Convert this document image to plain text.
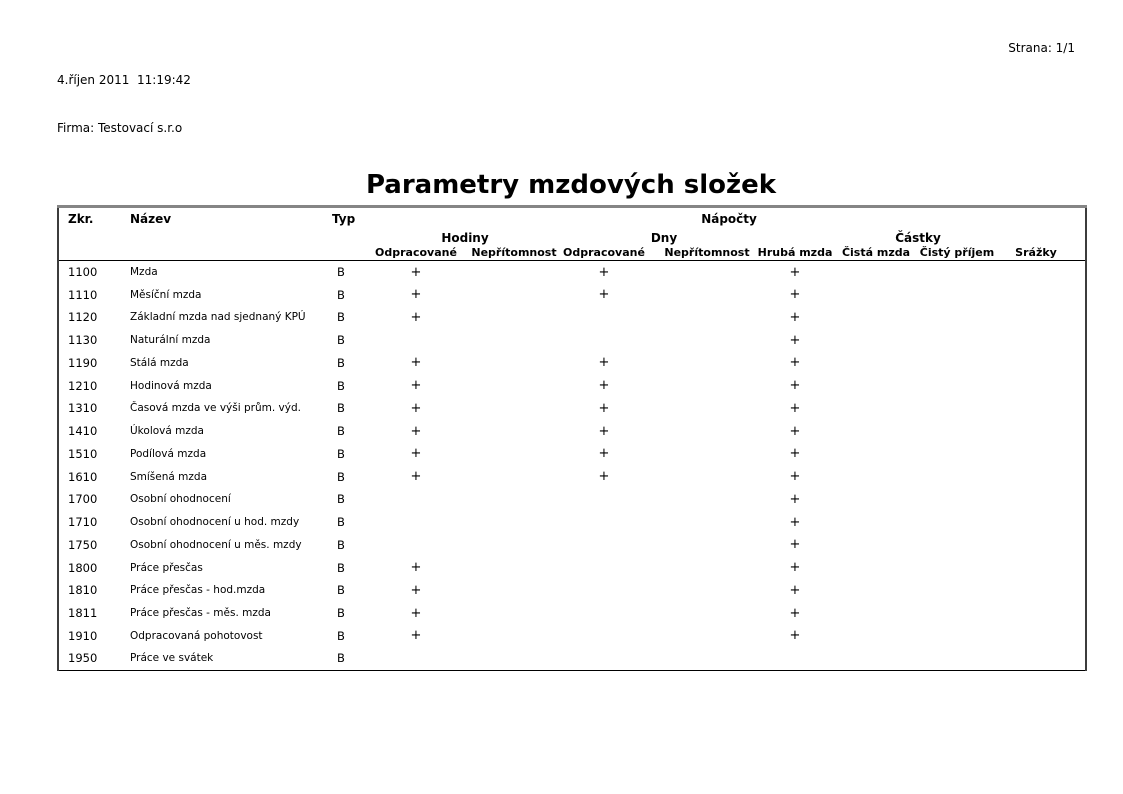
4.říjen 2011  11:19:42

Firma: Testovací s.r.o

Strana: 1/1
Parametry mzdových složek
Zkr.	Název	Typ	Nápočty							
			Hodiny		Dny		Částky			
			Odpracované	Nepřítomnost	Odpracované	Nepřítomnost	Hrubá mzda	Čistá mzda	Čistý příjem	Srážky
1100	Mzda	B	+		+		+			
1110	Měsíční mzda	B	+		+		+			
1120	Základní mzda nad sjednaný KPÚ	B	+				+			
1130	Naturální mzda	B					+			
1190	Stálá mzda	B	+		+		+			
1210	Hodinová mzda	B	+		+		+			
1310	Časová mzda ve výši prům. výd.	B	+		+		+			
1410	Úkolová mzda	B	+		+		+			
1510	Podílová mzda	B	+		+		+			
1610	Smíšená mzda	B	+		+		+			
1700	Osobní ohodnocení	B					+			
1710	Osobní ohodnocení u hod. mzdy	B					+			
1750	Osobní ohodnocení u měs. mzdy	B					+			
1800	Práce přesčas	B	+				+			
1810	Práce přesčas - hod.mzda	B	+				+			
1811	Práce přesčas - měs. mzda	B	+				+			
1910	Odpracovaná pohotovost	B	+				+			
1950	Práce ve svátek	B								
